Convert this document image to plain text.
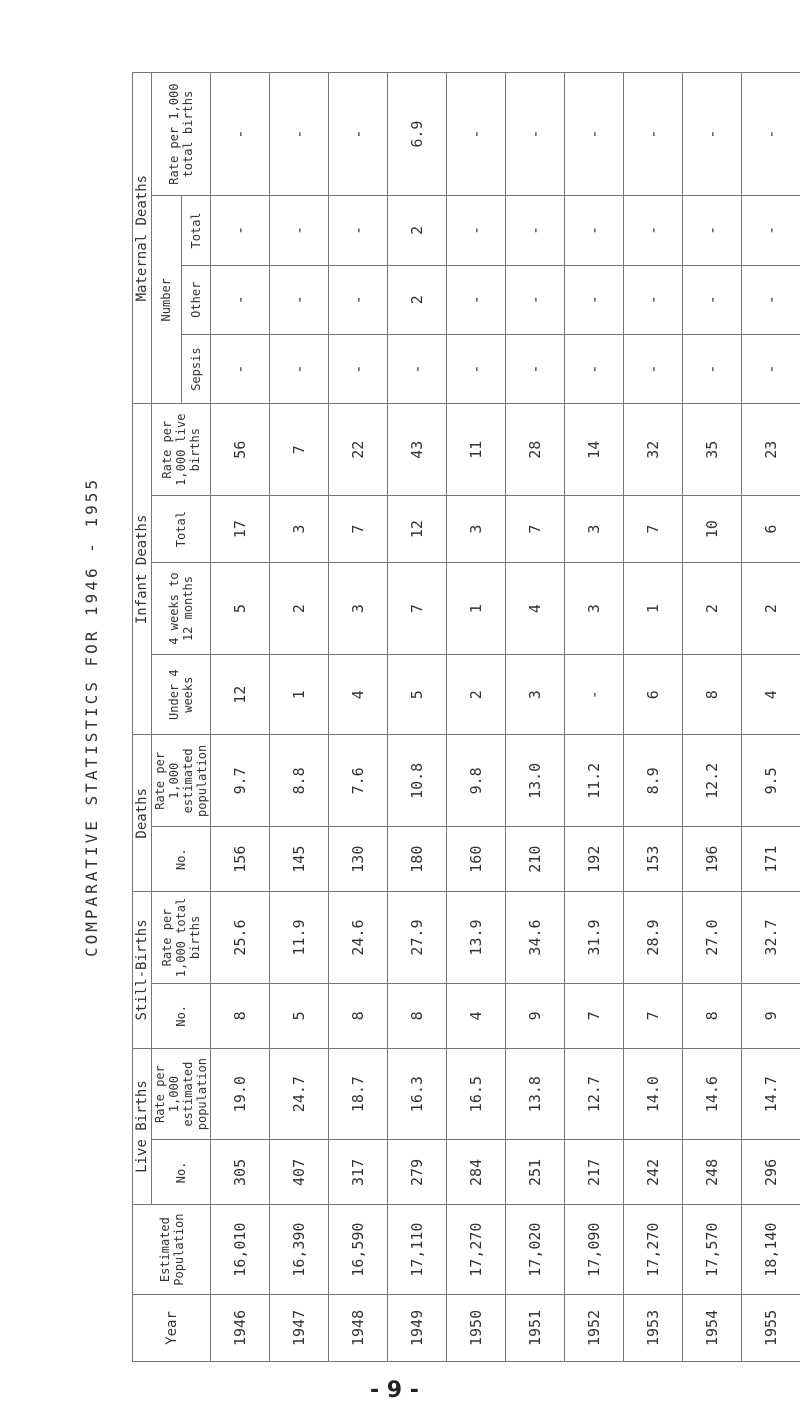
COMPARATIVE STATISTICS FOR 1946 - 1955
Year	Estimated Population	Live Births		Still-Births		Deaths		Infant Deaths				Maternal Deaths			
		No.	Rate per 1,000 estimated population	No.	Rate per 1,000 total births	No.	Rate per 1,000 estimated population	Under 4 weeks	4 weeks to 12 months	Total	Rate per 1,000 live births	Number			Rate per 1,000 total births
												Sepsis	Other	Total	
1946	16,010	305	19.0	8	25.6	156	9.7	12	5	17	56	-	-	-	-
1947	16,390	407	24.7	5	11.9	145	8.8	1	2	3	7	-	-	-	-
1948	16,590	317	18.7	8	24.6	130	7.6	4	3	7	22	-	-	-	-
1949	17,110	279	16.3	8	27.9	180	10.8	5	7	12	43	-	2	2	6.9
1950	17,270	284	16.5	4	13.9	160	9.8	2	1	3	11	-	-	-	-
1951	17,020	251	13.8	9	34.6	210	13.0	3	4	7	28	-	-	-	-
1952	17,090	217	12.7	7	31.9	192	11.2	-	3	3	14	-	-	-	-
1953	17,270	242	14.0	7	28.9	153	8.9	6	1	7	32	-	-	-	-
1954	17,570	248	14.6	8	27.0	196	12.2	8	2	10	35	-	-	-	-
1955	18,140	296	14.7	9	32.7	171	9.5	4	2	6	23	-	-	-	-
- 9 -
